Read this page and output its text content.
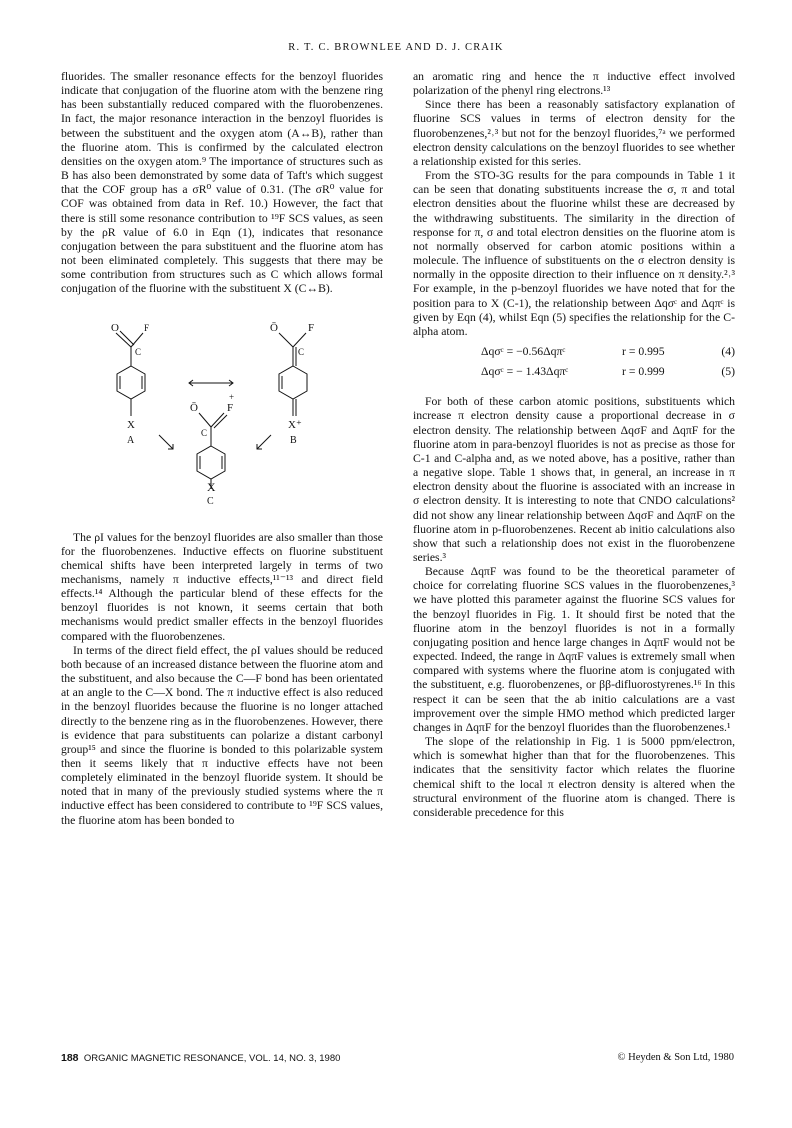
R. T. C. BROWNLEE AND D. J. CRAIK

fluorides. The smaller resonance effects for the benzoyl fluorides indicate that conjugation of the fluorine atom with the benzene ring has been substantially reduced compared with the fluorobenzenes. In fact, the major resonance interaction in the benzoyl fluorides is between the substituent and the oxygen atom (A↔B), rather than the fluorine atom. This is confirmed by the calculated electron densities on the oxygen atom.⁹ The importance of structures such as B has also been demonstrated by some data of Taft's which suggest that the COF group has a σR⁰ value of 0.31. (The σR⁰ value for COF was obtained from data in Ref. 10.) However, the fact that there is still some resonance contribution to ¹⁹F SCS values, as seen by the ρR value of 6.0 in Eqn (1), indicates that resonance conjugation between the para substituent and the fluorine atom has not been eliminated completely. This suggests that there may be some contribution from structures such as C which allows formal conjugation of the fluorine with the substituent X (C↔B).

O	F
C
X
A
Ō	F
C
X⁺
B
Ō	F
+
C
X
C

The ρI values for the benzoyl fluorides are also smaller than those for the fluorobenzenes. Inductive effects on fluorine substituent chemical shifts have been interpreted largely in terms of two mechanisms, namely π inductive effects,¹¹⁻¹³ and direct field effects.¹⁴ Although the particular blend of these effects for the benzoyl fluorides is not known, it seems certain that both mechanisms would predict smaller effects in the benzoyl fluorides compared with the fluorobenzenes.

In terms of the direct field effect, the ρI values should be reduced both because of an increased distance between the fluorine atom and the substituent, and also because the C—F bond has been orientated at an angle to the C—X bond. The π inductive effect is also reduced in the benzoyl fluorides because the fluorine is no longer attached directly to the benzene ring as in the fluorobenzenes. However, there is evidence that para substituents can polarize a distant carbonyl group¹⁵ and since the fluorine is bonded to this polarizable system then it seems likely that π inductive effects have not been completely eliminated in the benzoyl fluoride system. It should be noted that in many of the previously studied systems where the π inductive effect has been considered to contribute to ¹⁹F SCS values, the fluorine atom has been bonded to

an aromatic ring and hence the π inductive effect involved polarization of the phenyl ring electrons.¹³

Since there has been a reasonably satisfactory explanation of fluorine SCS values in terms of electron density for the fluorobenzenes,²˒³ but not for the benzoyl fluorides,⁷ᵃ we performed electron density calculations on the benzoyl fluorides to see whether a relationship existed for this series.

From the STO-3G results for the para compounds in Table 1 it can be seen that donating substituents increase the σ, π and total electron densities about the fluorine whilst these are decreased by the withdrawing substituents. The similarity in the direction of response for π, σ and total electron densities on the fluorine atom is not normally observed for carbon atomic positions within a molecule. The influence of substituents on the σ electron density is normally in the opposite direction to their influence on π density.²˒³ For example, in the p-benzoyl fluorides we have noted that for the position para to X (C-1), the relationship between Δqσᶜ and Δqπᶜ is given by Eqn (4), whilst Eqn (5) specifies the relationship for the C-alpha atom.

Δqσᶜ = −0.56Δqπᶜ	r = 0.995	(4)
Δqσᶜ = − 1.43Δqπᶜ	r = 0.999	(5)

For both of these carbon atomic positions, substituents which increase π electron density cause a proportional decrease in σ electron density. The relationship between ΔqσF and ΔqπF for the fluorine atom in para-benzoyl fluorides is not as precise as those for C-1 and C-alpha and, as we noted above, has a positive, rather than a negative slope. Table 1 shows that, in general, an increase in π electron density about the fluorine is associated with an increase in σ electron density. It is interesting to note that CNDO calculations² did not show any linear relationship between ΔqσF and ΔqπF on the fluorine atom in p-fluorobenzenes. Recent ab initio calculations also show that such a relationship does not exist in the fluorobenzene series.³

Because ΔqπF was found to be the theoretical parameter of choice for correlating fluorine SCS values in the fluorobenzenes,³ we have plotted this parameter against the fluorine SCS values for the benzoyl fluorides in Fig. 1. It should first be noted that the fluorine atom in the benzoyl fluorides is not in a formally conjugating position and hence large changes in ΔqπF would not be expected. Indeed, the range in ΔqπF values is extremely small when compared with systems where the fluorine atom is conjugated with the substituent, e.g. fluorobenzenes, or ββ-difluorostyrenes.¹⁶ In this respect it can be seen that the ab initio calculations are a vast improvement over the simple HMO method which predicted larger changes in ΔqπF for the benzoyl fluorides than the fluorobenzenes.¹

The slope of the relationship in Fig. 1 is 5000 ppm/electron, which is somewhat higher than that for the fluorobenzenes. This indicates that the sensitivity factor which relates the fluorine chemical shift to the local π electron density is altered when the structural environment of the fluorine atom is changed. There is considerable precedence for this

188 ORGANIC MAGNETIC RESONANCE, VOL. 14, NO. 3, 1980	© Heyden & Son Ltd, 1980
